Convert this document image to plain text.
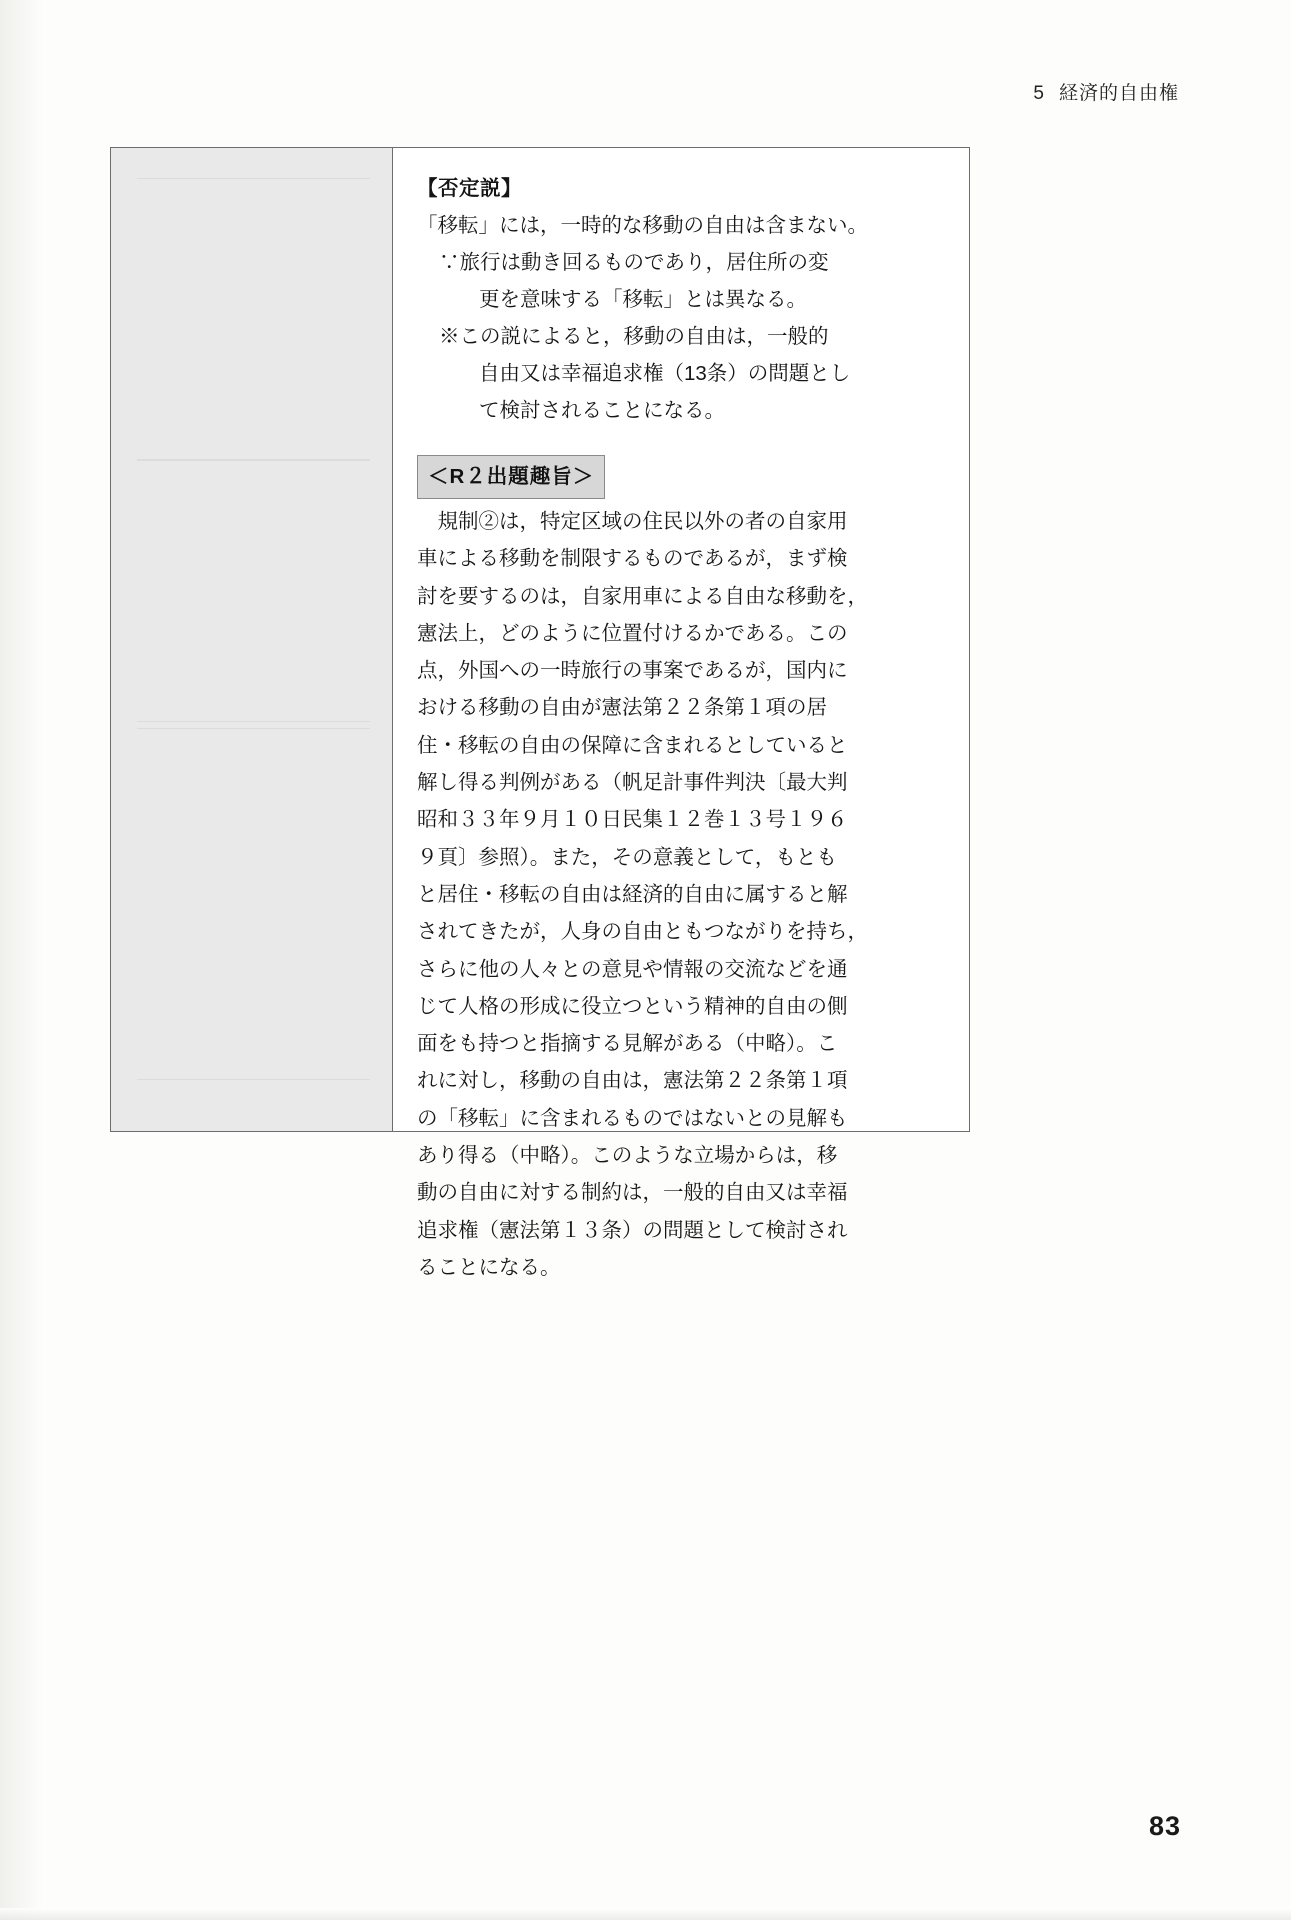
5 経済的自由権

【否定説】
「移転」には，一時的な移動の自由は含まない。
∵旅行は動き回るものであり，居住所の変
更を意味する「移転」とは異なる。
※この説によると，移動の自由は，一般的
自由又は幸福追求権（13条）の問題とし
て検討されることになる。
＜R２出題趣旨＞
　規制②は，特定区域の住民以外の者の自家用
車による移動を制限するものであるが，まず検
討を要するのは，自家用車による自由な移動を，
憲法上，どのように位置付けるかである。この
点，外国への一時旅行の事案であるが，国内に
おける移動の自由が憲法第２２条第１項の居
住・移転の自由の保障に含まれるとしていると
解し得る判例がある（帆足計事件判決〔最大判
昭和３３年９月１０日民集１２巻１３号１９６
９頁〕参照）。また，その意義として，もとも
と居住・移転の自由は経済的自由に属すると解
されてきたが，人身の自由ともつながりを持ち，
さらに他の人々との意見や情報の交流などを通
じて人格の形成に役立つという精神的自由の側
面をも持つと指摘する見解がある（中略）。こ
れに対し，移動の自由は，憲法第２２条第１項
の「移転」に含まれるものではないとの見解も
あり得る（中略）。このような立場からは，移
動の自由に対する制約は，一般的自由又は幸福
追求権（憲法第１３条）の問題として検討され
ることになる。
83
